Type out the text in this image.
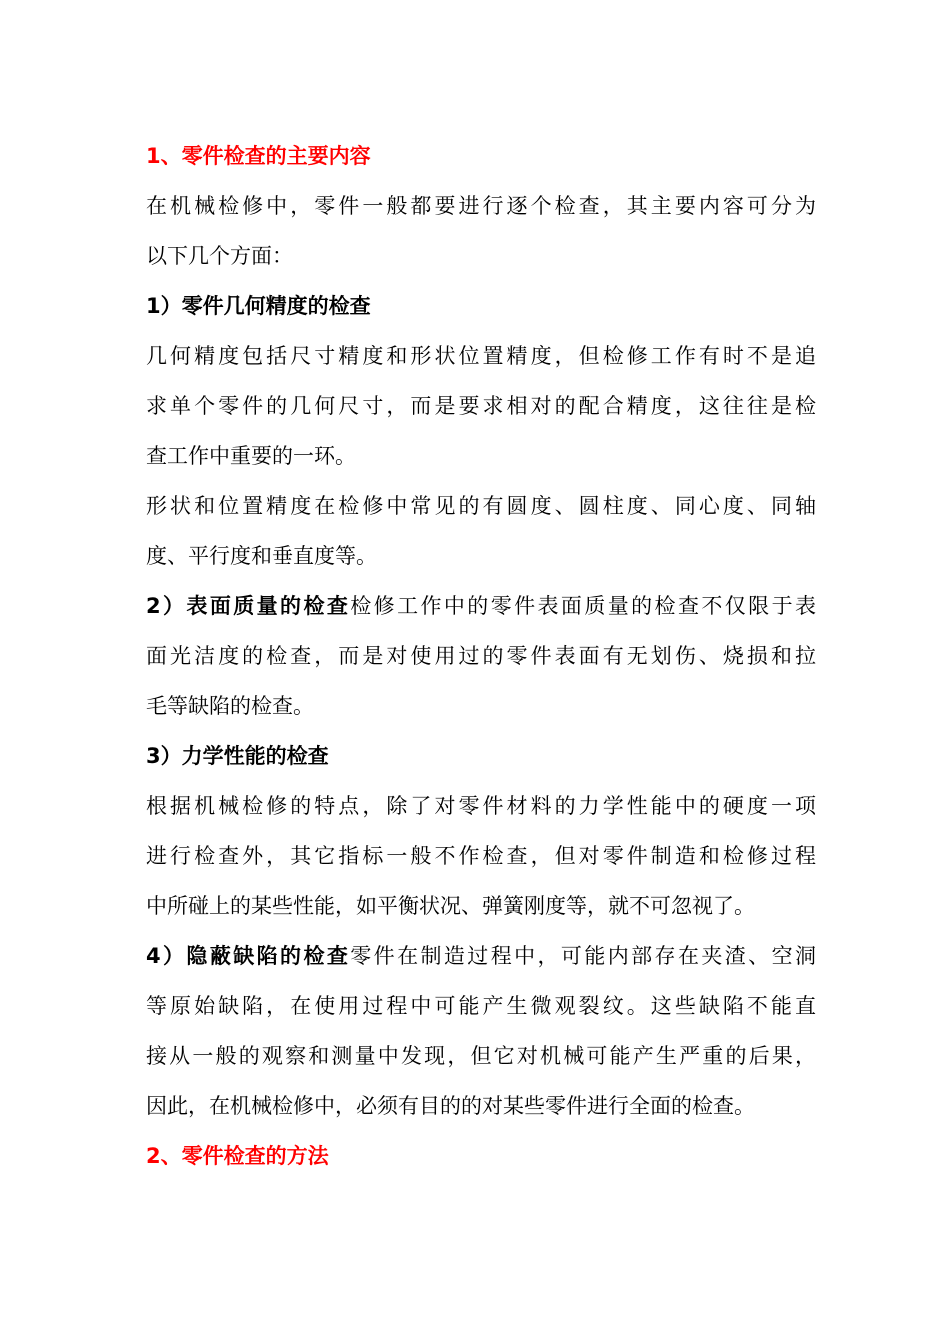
1、零件检查的主要内容
在机械检修中，零件一般都要进行逐个检查，其主要内容可分为
以下几个方面：
1）零件几何精度的检查
几何精度包括尺寸精度和形状位置精度，但检修工作有时不是追
求单个零件的几何尺寸，而是要求相对的配合精度，这往往是检
查工作中重要的一环。
形状和位置精度在检修中常见的有圆度、圆柱度、同心度、同轴
度、平行度和垂直度等。
2）表面质量的检查检修工作中的零件表面质量的检查不仅限于表
面光洁度的检查，而是对使用过的零件表面有无划伤、烧损和拉
毛等缺陷的检查。
3）力学性能的检查
根据机械检修的特点，除了对零件材料的力学性能中的硬度一项
进行检查外，其它指标一般不作检查，但对零件制造和检修过程
中所碰上的某些性能，如平衡状况、弹簧刚度等，就不可忽视了。
4）隐蔽缺陷的检查零件在制造过程中，可能内部存在夹渣、空洞
等原始缺陷，在使用过程中可能产生微观裂纹。这些缺陷不能直
接从一般的观察和测量中发现，但它对机械可能产生严重的后果，
因此，在机械检修中，必须有目的的对某些零件进行全面的检查。
2、零件检查的方法
